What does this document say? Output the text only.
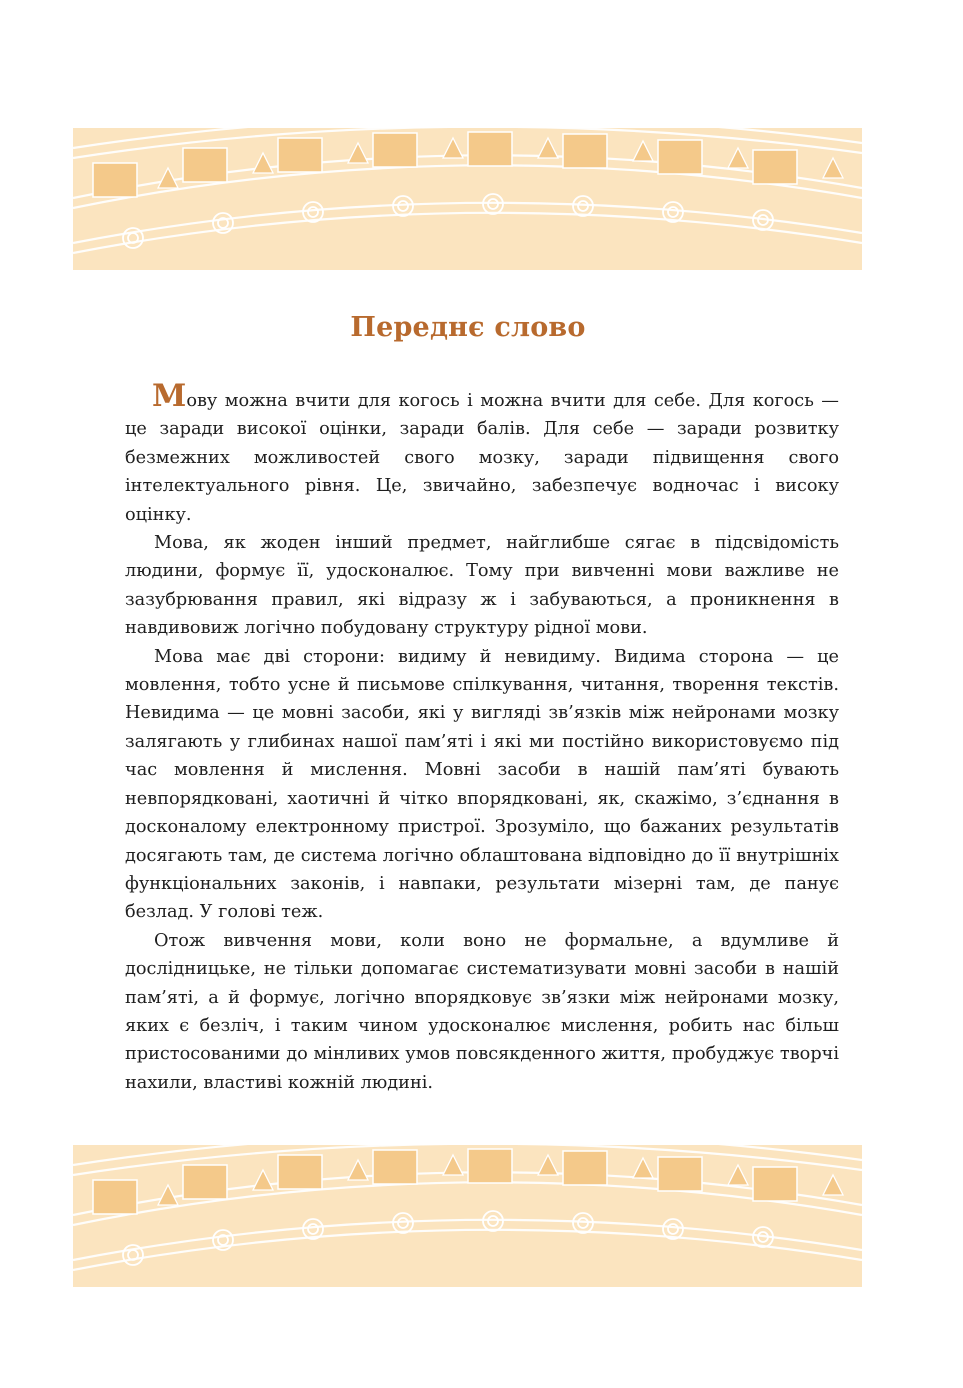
Переднє слово

Мову можна вчити для когось і можна вчити для себе. Для когось — це заради високої оцінки, заради балів. Для себе — заради розвитку безмежних можливостей свого мозку, заради підвищення свого інтелектуального рівня. Це, звичайно, забезпечує водночас і високу оцінку.

Мова, як жоден інший предмет, найглибше сягає в підсвідомість людини, формує її, удосконалює. Тому при вивченні мови важливе не зазубрювання правил, які відразу ж і забуваються, а проникнення в навдивовиж логічно побудовану структуру рідної мови.

Мова має дві сторони: видиму й невидиму. Видима сторона — це мовлення, тобто усне й письмове спілкування, читання, творення текстів. Невидима — це мовні засоби, які у вигляді зв’язків між нейронами мозку залягають у глибинах нашої пам’яті і які ми постійно використовуємо під час мовлення й мислення. Мовні засоби в нашій пам’яті бувають невпорядковані, хаотичні й чітко впорядковані, як, скажімо, з’єднання в досконалому електронному пристрої. Зрозуміло, що бажаних результатів досягають там, де система логічно облаштована відповідно до її внутрішніх функціональних законів, і навпаки, результати мізерні там, де панує безлад. У голові теж.

Отож вивчення мови, коли воно не формальне, а вдумливе й дослідницьке, не тільки допомагає систематизувати мовні засоби в нашій пам’яті, а й формує, логічно впорядковує зв’язки між нейронами мозку, яких є безліч, і таким чином удосконалює мислення, робить нас більш пристосованими до мінливих умов повсякденного життя, пробуджує творчі нахили, властиві кожній людині.
